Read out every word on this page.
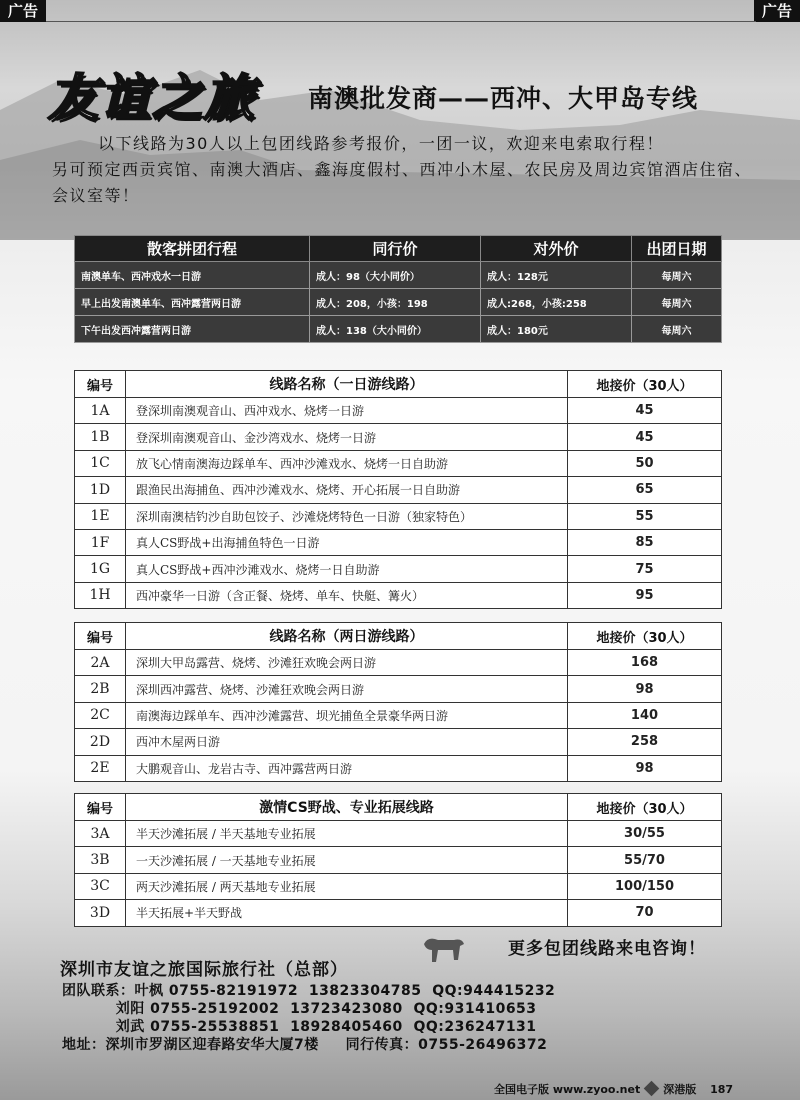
广告	广告
友谊之旅 南澳批发商——西冲、大甲岛专线

以下线路为30人以上包团线路参考报价，一团一议，欢迎来电索取行程！

另可预定西贡宾馆、南澳大酒店、鑫海度假村、西冲小木屋、农民房及周边宾馆酒店住宿、会议室等！

散客拼团行程	同行价	对外价	出团日期
南澳单车、西冲戏水一日游	成人：98（大小同价）	成人：128元	每周六
早上出发南澳单车、西冲露营两日游	成人：208，小孩：198	成人:268，小孩:258	每周六
下午出发西冲露营两日游	成人：138（大小同价）	成人：180元	每周六
编号	线路名称（一日游线路）	地接价（30人）
1A	登深圳南澳观音山、西冲戏水、烧烤一日游	45
1B	登深圳南澳观音山、金沙湾戏水、烧烤一日游	45
1C	放飞心情南澳海边踩单车、西冲沙滩戏水、烧烤一日自助游	50
1D	跟渔民出海捕鱼、西冲沙滩戏水、烧烤、开心拓展一日自助游	65
1E	深圳南澳桔钓沙自助包饺子、沙滩烧烤特色一日游（独家特色）	55
1F	真人CS野战+出海捕鱼特色一日游	85
1G	真人CS野战+西冲沙滩戏水、烧烤一日自助游	75
1H	西冲豪华一日游（含正餐、烧烤、单车、快艇、篝火）	95
编号	线路名称（两日游线路）	地接价（30人）
2A	深圳大甲岛露营、烧烤、沙滩狂欢晚会两日游	168
2B	深圳西冲露营、烧烤、沙滩狂欢晚会两日游	98
2C	南澳海边踩单车、西冲沙滩露营、坝光捕鱼全景豪华两日游	140
2D	西冲木屋两日游	258
2E	大鹏观音山、龙岩古寺、西冲露营两日游	98
编号	激情CS野战、专业拓展线路	地接价（30人）
3A	半天沙滩拓展 / 半天基地专业拓展	30/55
3B	一天沙滩拓展 / 一天基地专业拓展	55/70
3C	两天沙滩拓展 / 两天基地专业拓展	100/150
3D	半天拓展+半天野战	70
更多包团线路来电咨询！
深圳市友谊之旅国际旅行社（总部）
团队联系：叶枫 0755-82191972  13823304785  QQ:944415232
刘阳 0755-25192002  13723423080  QQ:931410653
刘武 0755-25538851  18928405460  QQ:236247131
地址：深圳市罗湖区迎春路安华大厦7楼     同行传真：0755-26496372
全国电子版 www.zyoo.net 深港版 187
